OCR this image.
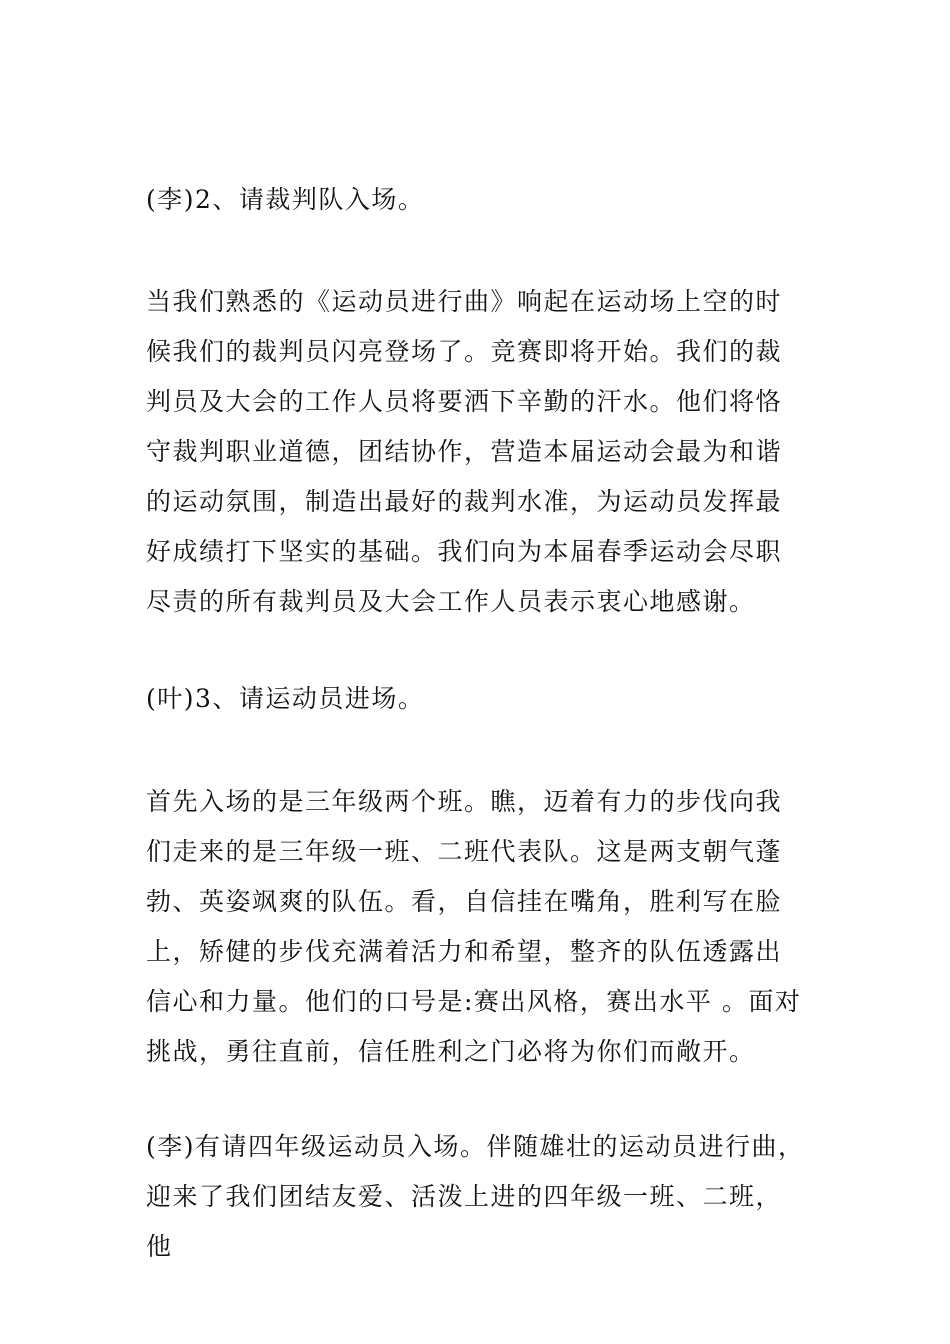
(李)2、请裁判队入场。

当我们熟悉的《运动员进行曲》响起在运动场上空的时候我们的裁判员闪亮登场了。竞赛即将开始。我们的裁判员及大会的工作人员将要洒下辛勤的汗水。他们将恪守裁判职业道德，团结协作，营造本届运动会最为和谐的运动氛围，制造出最好的裁判水准，为运动员发挥最好成绩打下坚实的基础。我们向为本届春季运动会尽职尽责的所有裁判员及大会工作人员表示衷心地感谢。

(叶)3、请运动员进场。

首先入场的是三年级两个班。瞧，迈着有力的步伐向我们走来的是三年级一班、二班代表队。这是两支朝气蓬勃、英姿飒爽的队伍。看，自信挂在嘴角，胜利写在脸上，矫健的步伐充满着活力和希望，整齐的队伍透露出信心和力量。他们的口号是:赛出风格，赛出水平 。面对挑战，勇往直前，信任胜利之门必将为你们而敞开。

(李)有请四年级运动员入场。伴随雄壮的运动员进行曲，迎来了我们团结友爱、活泼上进的四年级一班、二班，他
